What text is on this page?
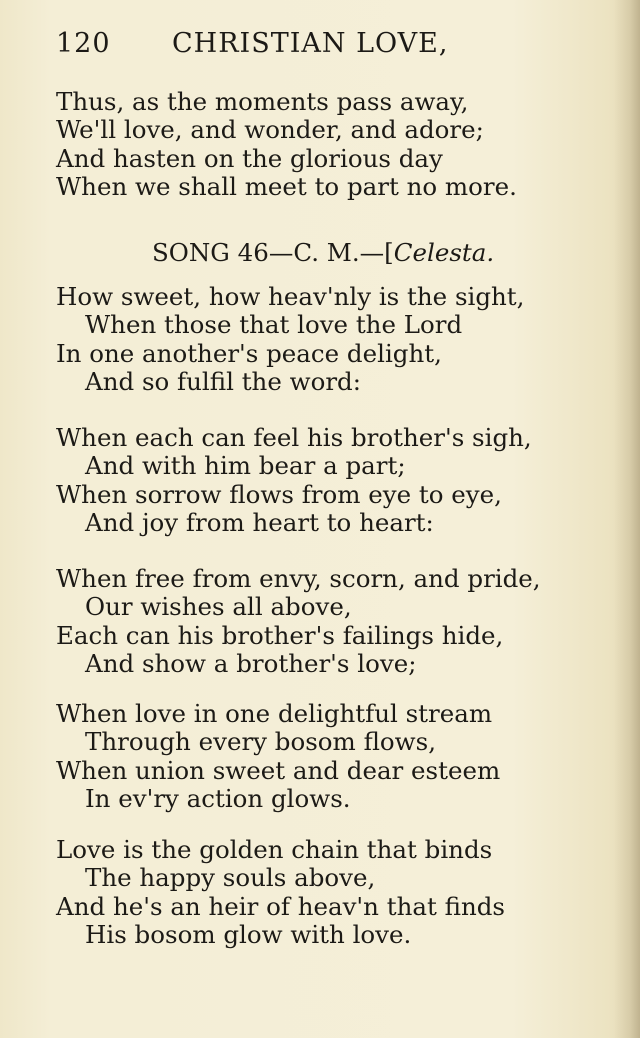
120 CHRISTIAN LOVE,
Thus, as the moments pass away,
We'll love, and wonder, and adore;
And hasten on the glorious day
When we shall meet to part no more.
SONG 46—C. M.—[Celesta.
How sweet, how heav'nly is the sight,
When those that love the Lord
In one another's peace delight,
And so fulfil the word:
When each can feel his brother's sigh,
And with him bear a part;
When sorrow flows from eye to eye,
And joy from heart to heart:
When free from envy, scorn, and pride,
Our wishes all above,
Each can his brother's failings hide,
And show a brother's love;
When love in one delightful stream
Through every bosom flows,
When union sweet and dear esteem
In ev'ry action glows.
Love is the golden chain that binds
The happy souls above,
And he's an heir of heav'n that finds
His bosom glow with love.
